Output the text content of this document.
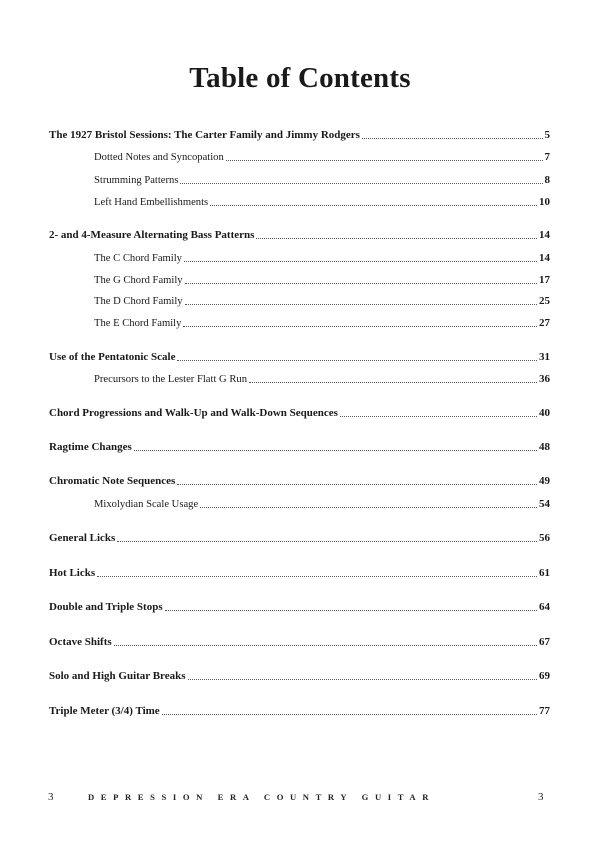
Table of Contents
The 1927 Bristol Sessions: The Carter Family and Jimmy Rodgers	5
Dotted Notes and Syncopation	7
Strumming Patterns	8
Left Hand Embellishments	10
2- and 4-Measure Alternating Bass Patterns	14
The C Chord Family	14
The G Chord Family	17
The D Chord Family	25
The E Chord Family	27
Use of the Pentatonic Scale	31
Precursors to the Lester Flatt G Run	36
Chord Progressions and Walk-Up and Walk-Down Sequences	40
Ragtime Changes	48
Chromatic Note Sequences	49
Mixolydian Scale Usage	54
General Licks	56
Hot Licks	61
Double and Triple Stops	64
Octave Shifts	67
Solo and High Guitar Breaks	69
Triple Meter (3/4) Time	77
3	DEPRESSION ERA COUNTRY GUITAR	3
